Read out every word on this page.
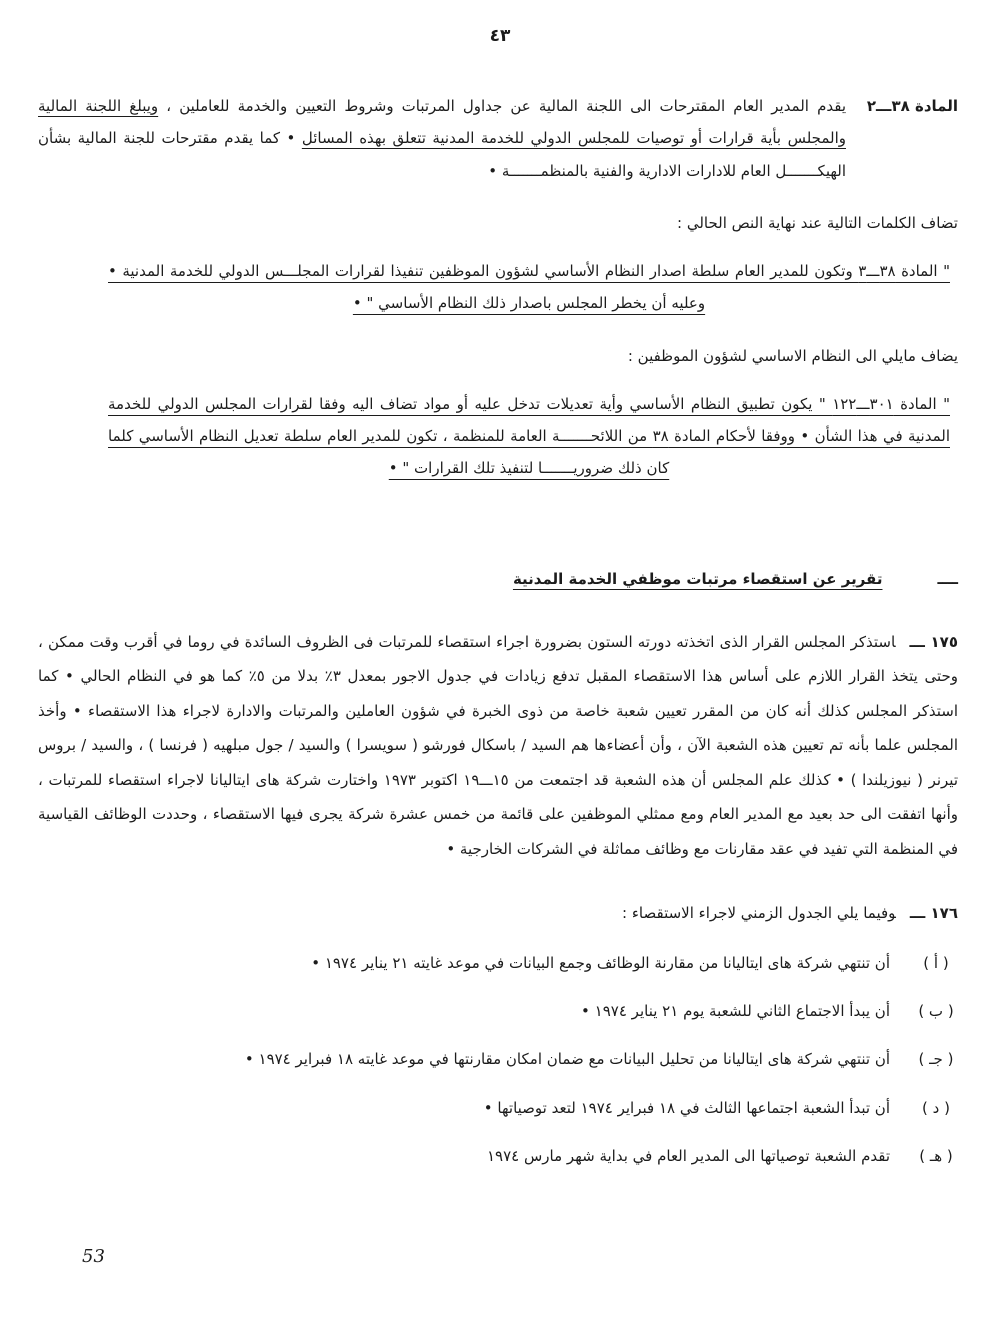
٤٣
المادة ٣٨ـــ٢

يقدم المدير العام المقترحات الى اللجنة المالية عن جداول المرتبات وشروط التعيين والخدمة للعاملين ، ويبلغ اللجنة المالية والمجلس بأية قرارات أو توصيات للمجلس الدولي للخدمة المدنية تتعلق بهذه المسائل • كما يقدم مقترحات للجنة المالية بشأن الهيكـــــــل العام للادارات الادارية والفنية بالمنظمـــــــة •

تضاف الكلمات التالية عند نهاية النص الحالي :

" المادة ٣٨ـــ٣ وتكون للمدير العام سلطة اصدار النظام الأساسي لشؤون الموظفين تنفيذا لقرارات المجلـــس الدولي للخدمة المدنية • وعليه أن يخطر المجلس باصدار ذلك النظام الأساسي " •

يضاف مايلي الى النظام الاساسي لشؤون الموظفين :

" المادة ٣٠١ـــ١٢٢ " يكون تطبيق النظام الأساسي وأية تعديلات تدخل عليه أو مواد تضاف اليه وفقا لقرارات المجلس الدولي للخدمة المدنية في هذا الشأن • ووفقا لأحكام المادة ٣٨ من اللائحـــــــة العامة للمنظمة ، تكون للمدير العام سلطة تعديل النظام الأساسي كلما كان ذلك ضروريـــــــا لتنفيذ تلك القرارات " •

ــــ
تقرير عن استقصاء مرتبات موظفي الخدمة المدنية

١٧٥ ـــاستذكر المجلس القرار الذى اتخذته دورته الستون بضرورة اجراء استقصاء للمرتبات فى الظروف السائدة في روما في أقرب وقت ممكن ، وحتى يتخذ القرار اللازم على أساس هذا الاستقصاء المقبل تدفع زيادات في جدول الاجور بمعدل ٣٪ بدلا من ٥٪ كما هو في النظام الحالي • كما استذكر المجلس كذلك أنه كان من المقرر تعيين شعبة خاصة من ذوى الخبرة في شؤون العاملين والمرتبات والادارة لاجراء هذا الاستقصاء • وأخذ المجلس علما بأنه تم تعيين هذه الشعبة الآن ، وأن أعضاءها هم السيد / باسكال فورشو ( سويسرا ) والسيد / جول مبلهيه ( فرنسا ) ، والسيد / بروس تيرنر ( نيوزيلندا ) • كذلك علم المجلس أن هذه الشعبة قد اجتمعت من ١٥ـــ١٩ اكتوبر ١٩٧٣ واختارت شركة هاى ايتاليانا لاجراء استقصاء للمرتبات ، وأنها اتفقت الى حد بعيد مع المدير العام ومع ممثلي الموظفين على قائمة من خمس عشرة شركة يجرى فيها الاستقصاء ، وحددت الوظائف القياسية في المنظمة التي تفيد في عقد مقارنات مع وظائف مماثلة في الشركات الخارجية •

١٧٦ ـــوفيما يلي الجدول الزمني لاجراء الاستقصاء :

( أ )
أن تنتهي شركة هاى ايتاليانا من مقارنة الوظائف وجمع البيانات في موعد غايته ٢١ يناير ١٩٧٤ •
( ب )
أن يبدأ الاجتماع الثاني للشعبة يوم ٢١ يناير ١٩٧٤ •
( جـ )
أن تنتهي شركة هاى ايتاليانا من تحليل البيانات مع ضمان امكان مقارنتها في موعد غايته ١٨ فبراير ١٩٧٤ •
( د )
أن تبدأ الشعبة اجتماعها الثالث في ١٨ فبراير ١٩٧٤ لتعد توصياتها •
( هـ )
تقدم الشعبة توصياتها الى المدير العام في بداية شهر مارس ١٩٧٤
53
